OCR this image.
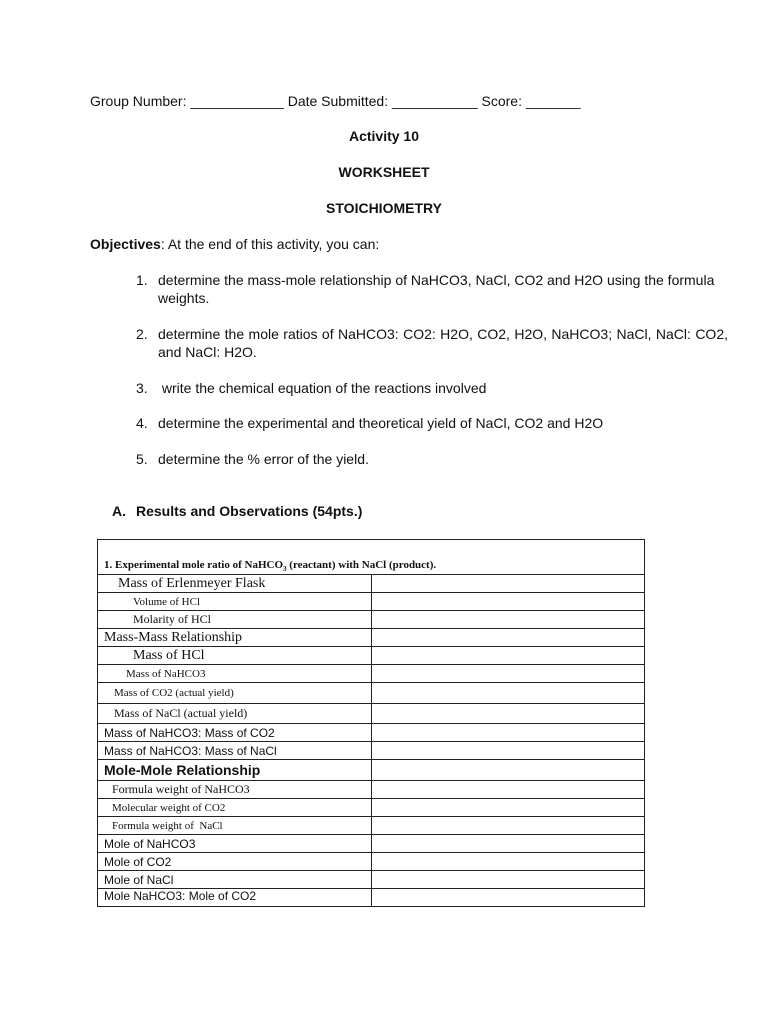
Group Number: ____________ Date Submitted: ___________ Score: _______
Activity 10
WORKSHEET
STOICHIOMETRY
Objectives: At the end of this activity, you can:
1. determine the mass-mole relationship of NaHCO3, NaCl, CO2 and H2O using the formula weights.
2. determine the mole ratios of NaHCO3: CO2: H2O, CO2, H2O, NaHCO3; NaCl, NaCl: CO2, and NaCl: H2O.
3. write the chemical equation of the reactions involved
4. determine the experimental and theoretical yield of NaCl, CO2 and H2O
5. determine the % error of the yield.
A. Results and Observations (54pts.)
1. Experimental mole ratio of NaHCO$_3$ (reactant) with NaCl (product).	
Mass of Erlenmeyer Flask	
Volume of HCl	
Molarity of HCl	
Mass-Mass Relationship	
Mass of HCl	
Mass of NaHCO3	
Mass of CO2 (actual yield)	
Mass of NaCl (actual yield)	
Mass of NaHCO3: Mass of CO2	
Mass of NaHCO3: Mass of NaCl	
Mole-Mole Relationship	
Formula weight of NaHCO3	
Molecular weight of CO2	
Formula weight of  NaCl	
Mole of NaHCO3	
Mole of CO2	
Mole of NaCl	
Mole NaHCO3: Mole of CO2	
